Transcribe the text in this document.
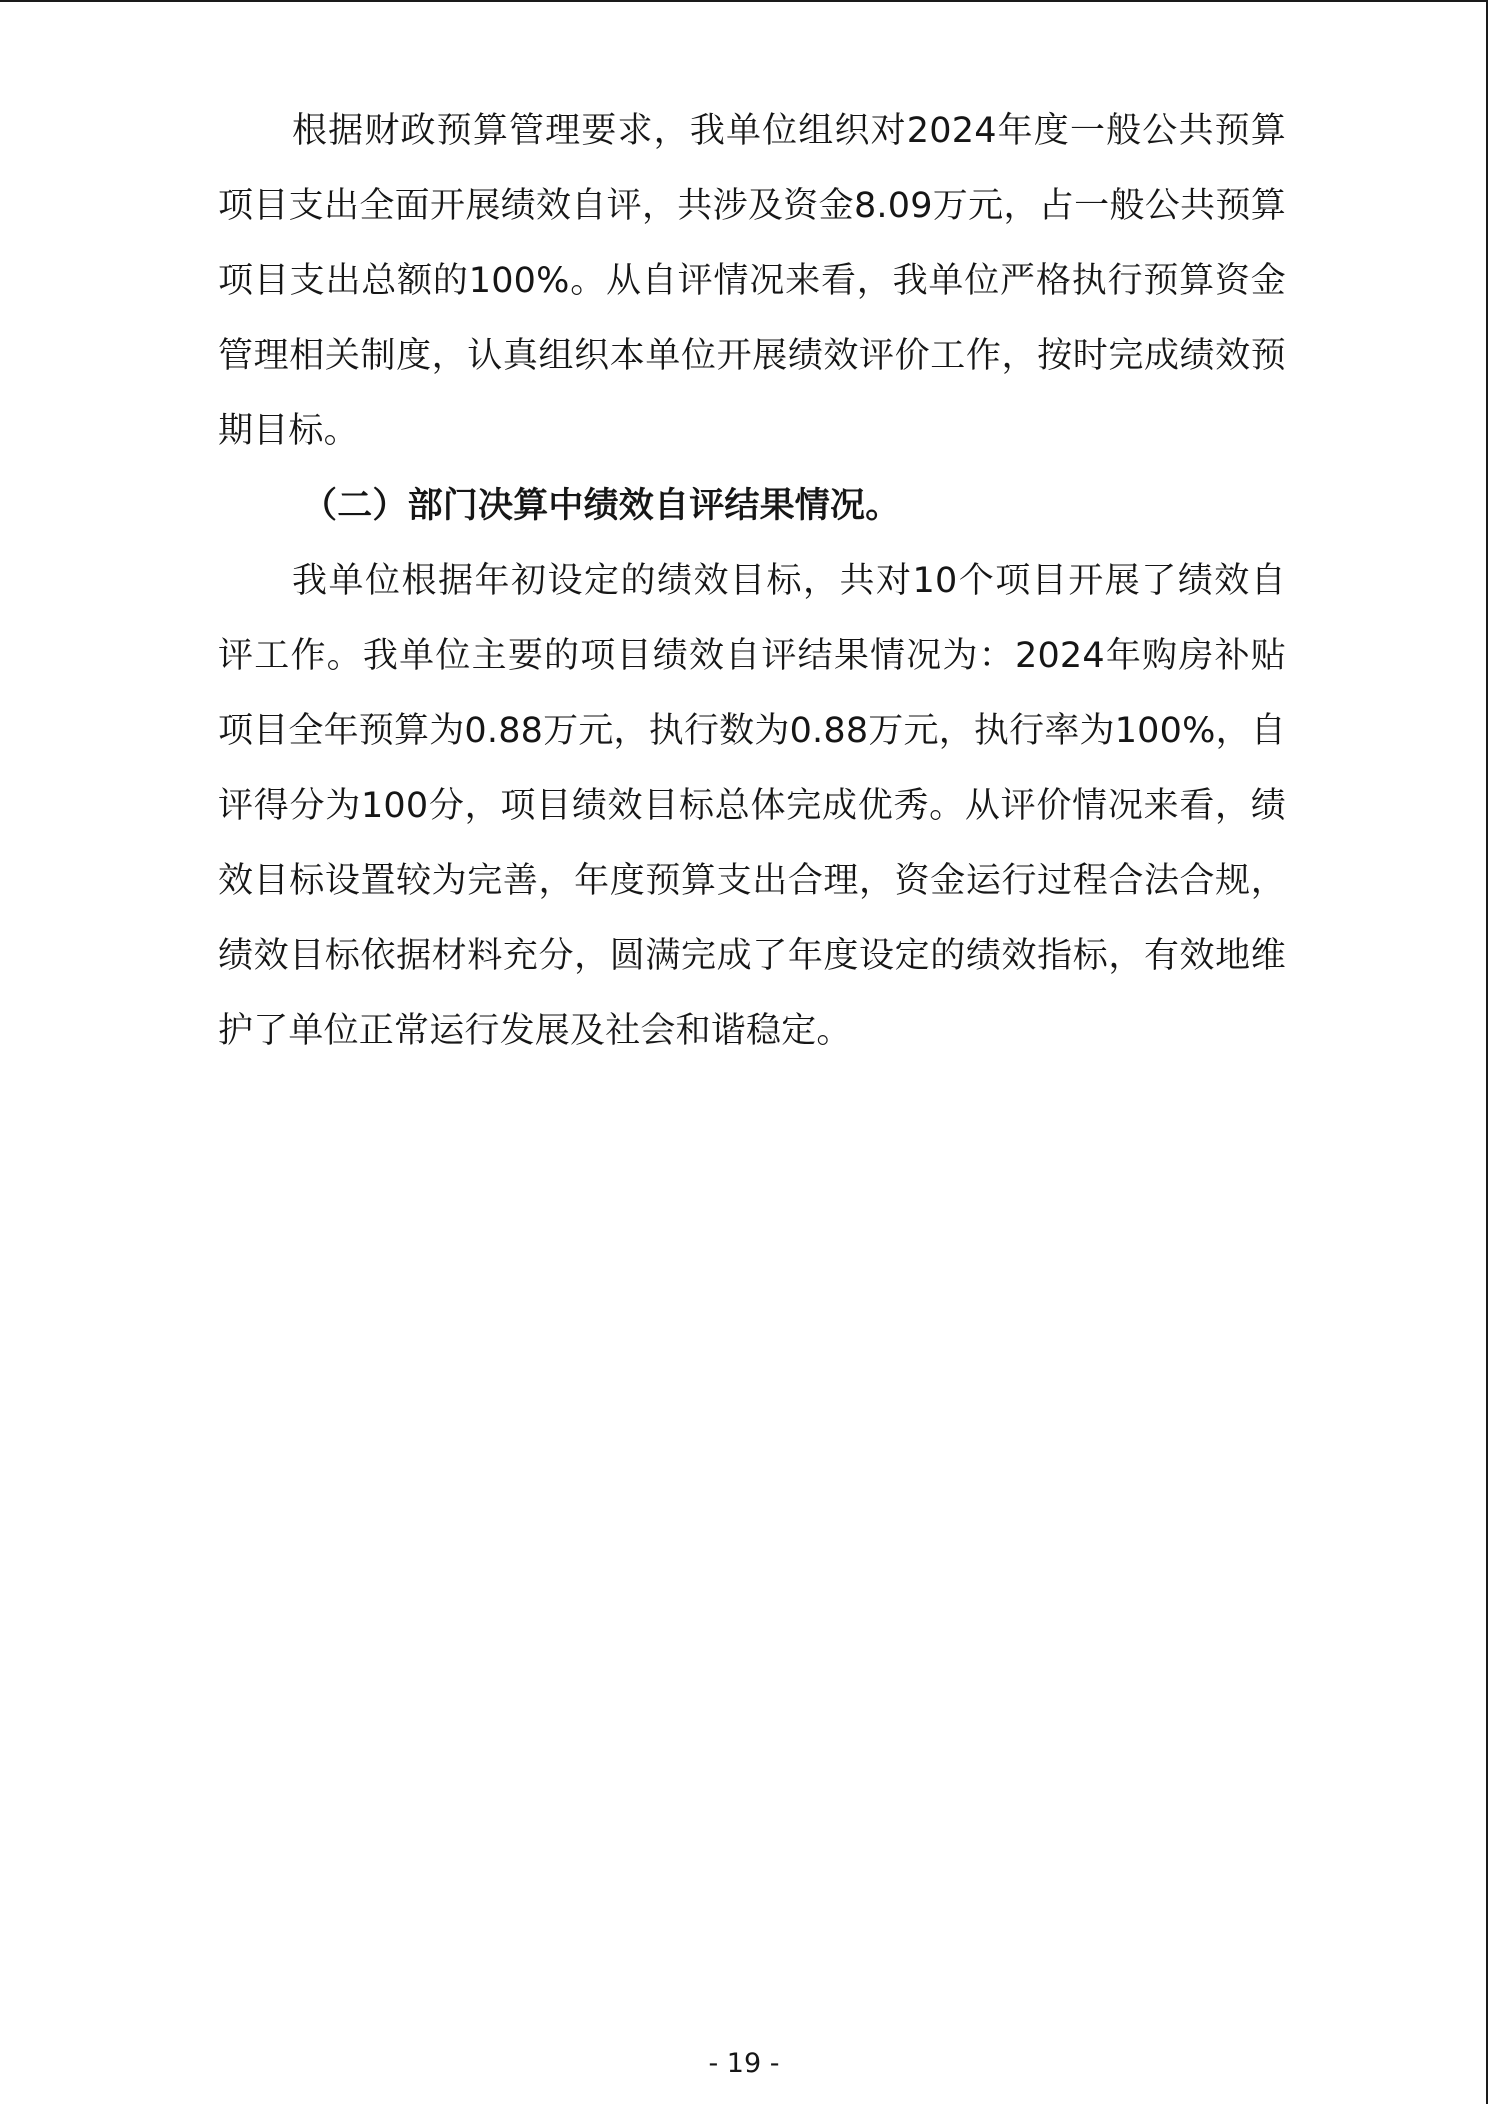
根据财政预算管理要求，我单位组织对2024年度一般公共预算项目支出全面开展绩效自评，共涉及资金8.09万元，占一般公共预算项目支出总额的100%。从自评情况来看，我单位严格执行预算资金管理相关制度，认真组织本单位开展绩效评价工作，按时完成绩效预期目标。

（二）部门决算中绩效自评结果情况。

我单位根据年初设定的绩效目标，共对10个项目开展了绩效自评工作。我单位主要的项目绩效自评结果情况为：2024年购房补贴项目全年预算为0.88万元，执行数为0.88万元，执行率为100%，自评得分为100分，项目绩效目标总体完成优秀。从评价情况来看，绩效目标设置较为完善，年度预算支出合理，资金运行过程合法合规，绩效目标依据材料充分，圆满完成了年度设定的绩效指标，有效地维护了单位正常运行发展及社会和谐稳定。

- 19 -
